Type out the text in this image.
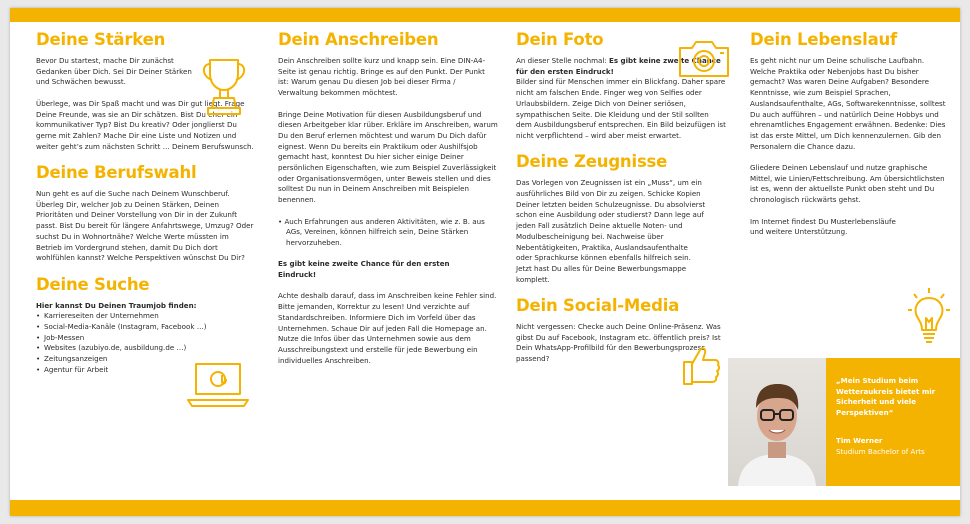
Deine Stärken

Bevor Du startest, mache Dir zunächst Gedanken über Dich. Sei Dir Deiner Stärken und Schwächen bewusst.

Überlege, was Dir Spaß macht und was Dir gut liegt. Frage Deine Freunde, was sie an Dir schätzen. Bist Du eher ein kommunikativer Typ? Bist Du kreativ? Oder jonglierst Du gerne mit Zahlen? Mache Dir eine Liste und Notizen und weiter geht’s zum nächsten Schritt … Deinem Berufswunsch.

Deine Berufswahl

Nun geht es auf die Suche nach Deinem Wunschberuf. Überleg Dir, welcher Job zu Deinen Stärken, Deinen Prioritäten und Deiner Vorstellung von Dir in der Zukunft passt. Bist Du bereit für längere Anfahrtswege, Umzug? Oder suchst Du in Wohnortnähe? Welche Werte müssten im Betrieb im Vordergrund stehen, damit Du Dich dort wohlfühlen kannst? Welche Perspektiven wünschst Du Dir?

Deine Suche

Hier kannst Du Deinen Traumjob finden:

• Karriereseiten der Unternehmen
• Social-Media-Kanäle (Instagram, Facebook …)
• Job-Messen
• Websites (azubiyo.de, ausbildung.de …)
• Zeitungsanzeigen
• Agentur für Arbeit
Dein Anschreiben

Dein Anschreiben sollte kurz und knapp sein. Eine DIN-A4-Seite ist genau richtig. Bringe es auf den Punkt. Der Punkt ist: Warum genau Du diesen Job bei dieser Firma / Verwaltung bekommen möchtest.

Bringe Deine Motivation für diesen Ausbildungsberuf und diesen Arbeitgeber klar rüber. Erkläre im Anschreiben, warum Du den Beruf erlernen möchtest und warum Du Dich dafür eignest. Wenn Du bereits ein Praktikum oder Aushilfsjob gemacht hast, konntest Du hier sicher einige Deiner persönlichen Eigenschaften, wie zum Beispiel Zuverlässigkeit oder Organisationsvermögen, unter Beweis stellen und dies solltest Du nun in Deinem Anschreiben mit Beispielen benennen.

• Auch Erfahrungen aus anderen Aktivitäten, wie z. B. aus AGs, Vereinen, können hilfreich sein, Deine Stärken hervorzuheben.

Es gibt keine zweite Chance für den ersten Eindruck!

Achte deshalb darauf, dass im Anschreiben keine Fehler sind. Bitte jemanden, Korrektur zu lesen! Und verzichte auf Standardschreiben. Informiere Dich im Vorfeld über das Unternehmen. Schaue Dir auf jeden Fall die Homepage an. Nutze die Infos über das Unternehmen sowie aus dem Ausschreibungstext und erstelle für jede Bewerbung ein individuelles Anschreiben.

Dein Foto

An dieser Stelle nochmal: Es gibt keine zweite Chance für den ersten Eindruck!

Bilder sind für Menschen immer ein Blickfang. Daher spare nicht am falschen Ende. Finger weg von Selfies oder Urlaubsbildern. Zeige Dich von Deiner seriösen, sympathischen Seite. Die Kleidung und der Stil sollten dem Ausbildungsberuf entsprechen. Ein Bild beizufügen ist nicht verpflichtend – wird aber meist erwartet.

Deine Zeugnisse

Das Vorlegen von Zeugnissen ist ein „Muss“, um ein ausführliches Bild von Dir zu zeigen. Schicke Kopien Deiner letzten beiden Schulzeugnisse. Du absolvierst schon eine Ausbildung oder studierst? Dann lege auf jeden Fall zusätzlich Deine aktuelle Noten- und Modulbescheinigung bei. Nachweise über Nebentätigkeiten, Praktika, Auslandsaufenthalte oder Sprachkurse können ebenfalls hilfreich sein. Jetzt hast Du alles für Deine Bewerbungsmappe komplett.

Dein Social-Media

Nicht vergessen: Checke auch Deine Online-Präsenz. Was gibst Du auf Facebook, Instagram etc. öffentlich preis? Ist Dein WhatsApp-Profilbild für den Bewerbungsprozess passend?

Dein Lebenslauf

Es geht nicht nur um Deine schulische Laufbahn. Welche Praktika oder Nebenjobs hast Du bisher gemacht? Was waren Deine Aufgaben? Besondere Kenntnisse, wie zum Beispiel Sprachen, Auslandsaufenthalte, AGs, Softwarekenntnisse, solltest Du auch aufführen – und natürlich Deine Hobbys und ehrenamtliches Engagement erwähnen. Bedenke: Dies ist das erste Mittel, um Dich kennenzulernen. Gib den Personalern die Chance dazu.

Gliedere Deinen Lebenslauf und nutze graphische Mittel, wie Linien/Fettschreibung. Am übersichtlichsten ist es, wenn der aktuellste Punkt oben steht und Du chronologisch rückwärts gehst.

Im Internet findest Du Musterlebensläufe und weitere Unterstützung.

„Mein Studium beim Wetteraukreis bietet mir Sicherheit und viele Perspektiven“
Tim Werner
Studium Bachelor of Arts
